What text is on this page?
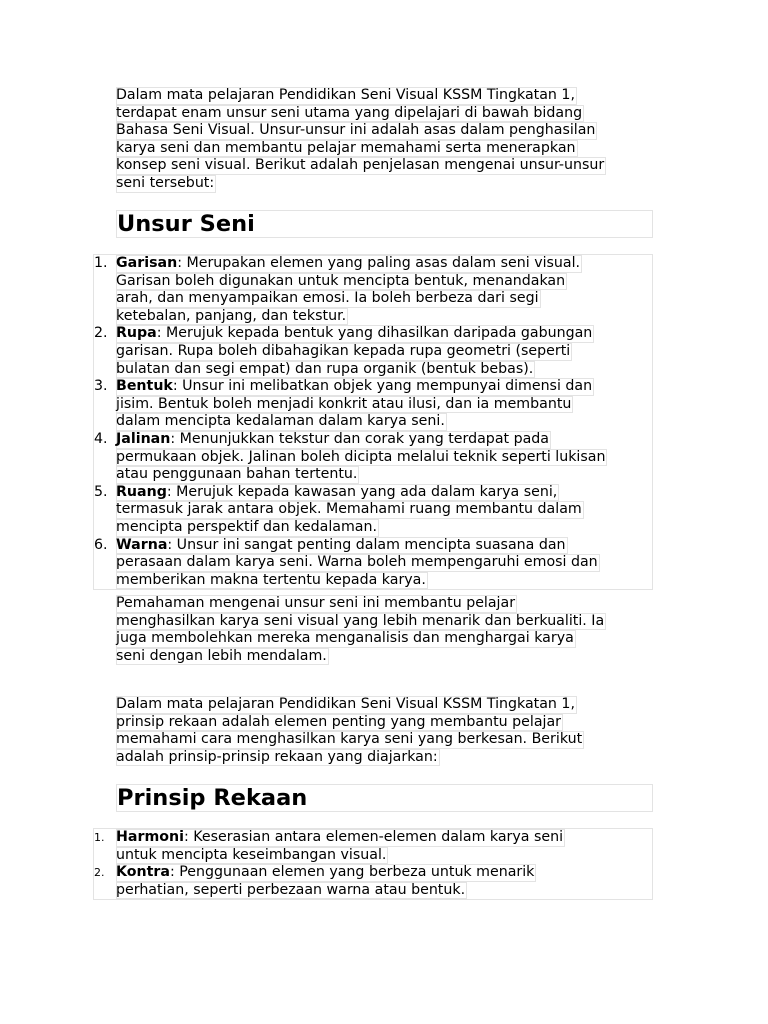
Dalam mata pelajaran Pendidikan Seni Visual KSSM Tingkatan 1,
terdapat enam unsur seni utama yang dipelajari di bawah bidang
Bahasa Seni Visual. Unsur-unsur ini adalah asas dalam penghasilan
karya seni dan membantu pelajar memahami serta menerapkan
konsep seni visual. Berikut adalah penjelasan mengenai unsur-unsur
seni tersebut:
Unsur Seni
1. Garisan: Merupakan elemen yang paling asas dalam seni visual.
Garisan boleh digunakan untuk mencipta bentuk, menandakan
arah, dan menyampaikan emosi. Ia boleh berbeza dari segi
ketebalan, panjang, dan tekstur.
2. Rupa: Merujuk kepada bentuk yang dihasilkan daripada gabungan
garisan. Rupa boleh dibahagikan kepada rupa geometri (seperti
bulatan dan segi empat) dan rupa organik (bentuk bebas).
3. Bentuk: Unsur ini melibatkan objek yang mempunyai dimensi dan
jisim. Bentuk boleh menjadi konkrit atau ilusi, dan ia membantu
dalam mencipta kedalaman dalam karya seni.
4. Jalinan: Menunjukkan tekstur dan corak yang terdapat pada
permukaan objek. Jalinan boleh dicipta melalui teknik seperti lukisan
atau penggunaan bahan tertentu.
5. Ruang: Merujuk kepada kawasan yang ada dalam karya seni,
termasuk jarak antara objek. Memahami ruang membantu dalam
mencipta perspektif dan kedalaman.
6. Warna: Unsur ini sangat penting dalam mencipta suasana dan
perasaan dalam karya seni. Warna boleh mempengaruhi emosi dan
memberikan makna tertentu kepada karya.
Pemahaman mengenai unsur seni ini membantu pelajar
menghasilkan karya seni visual yang lebih menarik dan berkualiti. Ia
juga membolehkan mereka menganalisis dan menghargai karya
seni dengan lebih mendalam.
Dalam mata pelajaran Pendidikan Seni Visual KSSM Tingkatan 1,
prinsip rekaan adalah elemen penting yang membantu pelajar
memahami cara menghasilkan karya seni yang berkesan. Berikut
adalah prinsip-prinsip rekaan yang diajarkan:
Prinsip Rekaan
1. Harmoni: Keserasian antara elemen-elemen dalam karya seni
untuk mencipta keseimbangan visual.
2. Kontra: Penggunaan elemen yang berbeza untuk menarik
perhatian, seperti perbezaan warna atau bentuk.
